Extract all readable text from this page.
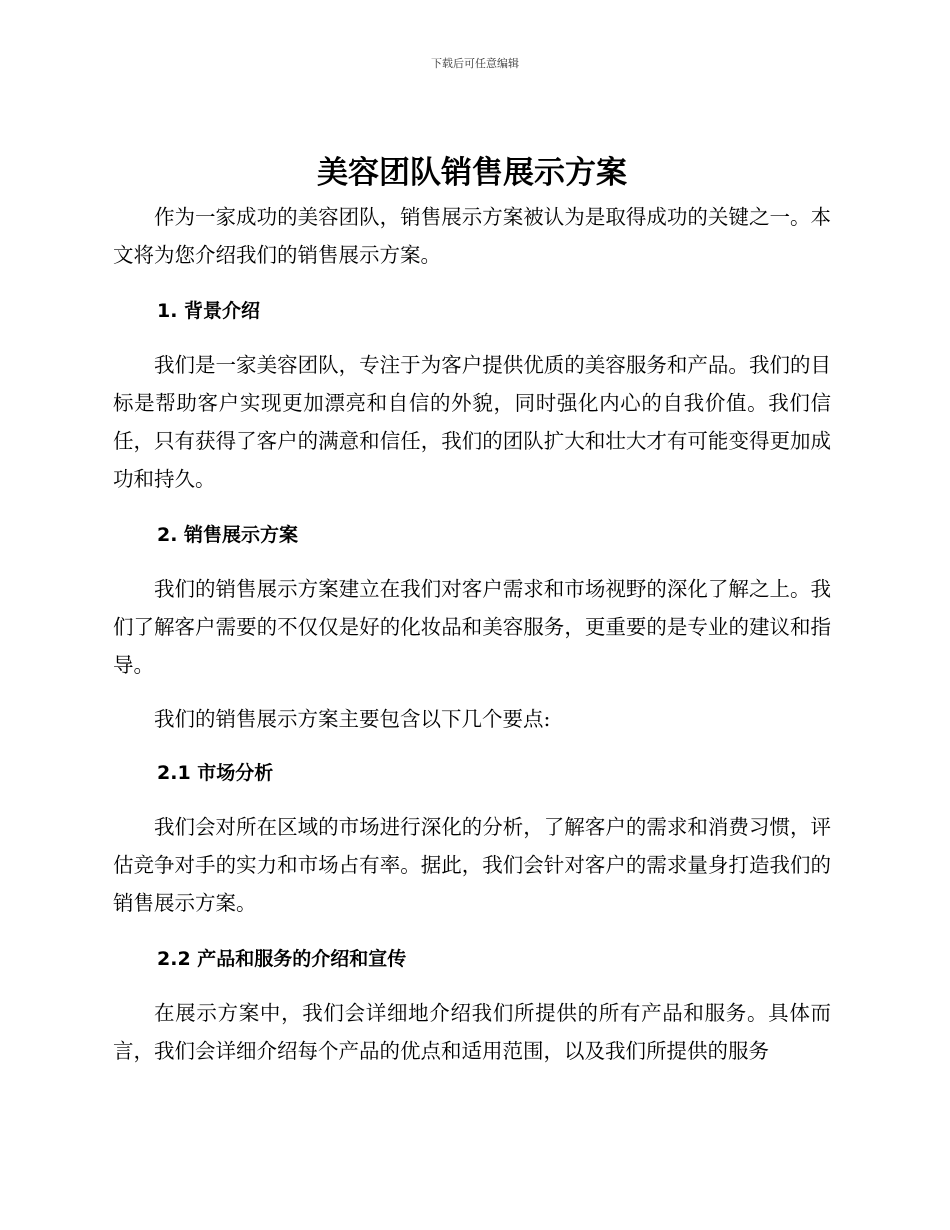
下载后可任意编辑
美容团队销售展示方案

作为一家成功的美容团队，销售展示方案被认为是取得成功的关键之一。本文将为您介绍我们的销售展示方案。

1. 背景介绍

我们是一家美容团队，专注于为客户提供优质的美容服务和产品。我们的目标是帮助客户实现更加漂亮和自信的外貌，同时强化内心的自我价值。我们信任，只有获得了客户的满意和信任，我们的团队扩大和壮大才有可能变得更加成功和持久。

2. 销售展示方案

我们的销售展示方案建立在我们对客户需求和市场视野的深化了解之上。我们了解客户需要的不仅仅是好的化妆品和美容服务，更重要的是专业的建议和指导。

我们的销售展示方案主要包含以下几个要点:

2.1 市场分析

我们会对所在区域的市场进行深化的分析，了解客户的需求和消费习惯，评估竞争对手的实力和市场占有率。据此，我们会针对客户的需求量身打造我们的销售展示方案。

2.2 产品和服务的介绍和宣传

在展示方案中，我们会详细地介绍我们所提供的所有产品和服务。具体而言，我们会详细介绍每个产品的优点和适用范围，以及我们所提供的服务
